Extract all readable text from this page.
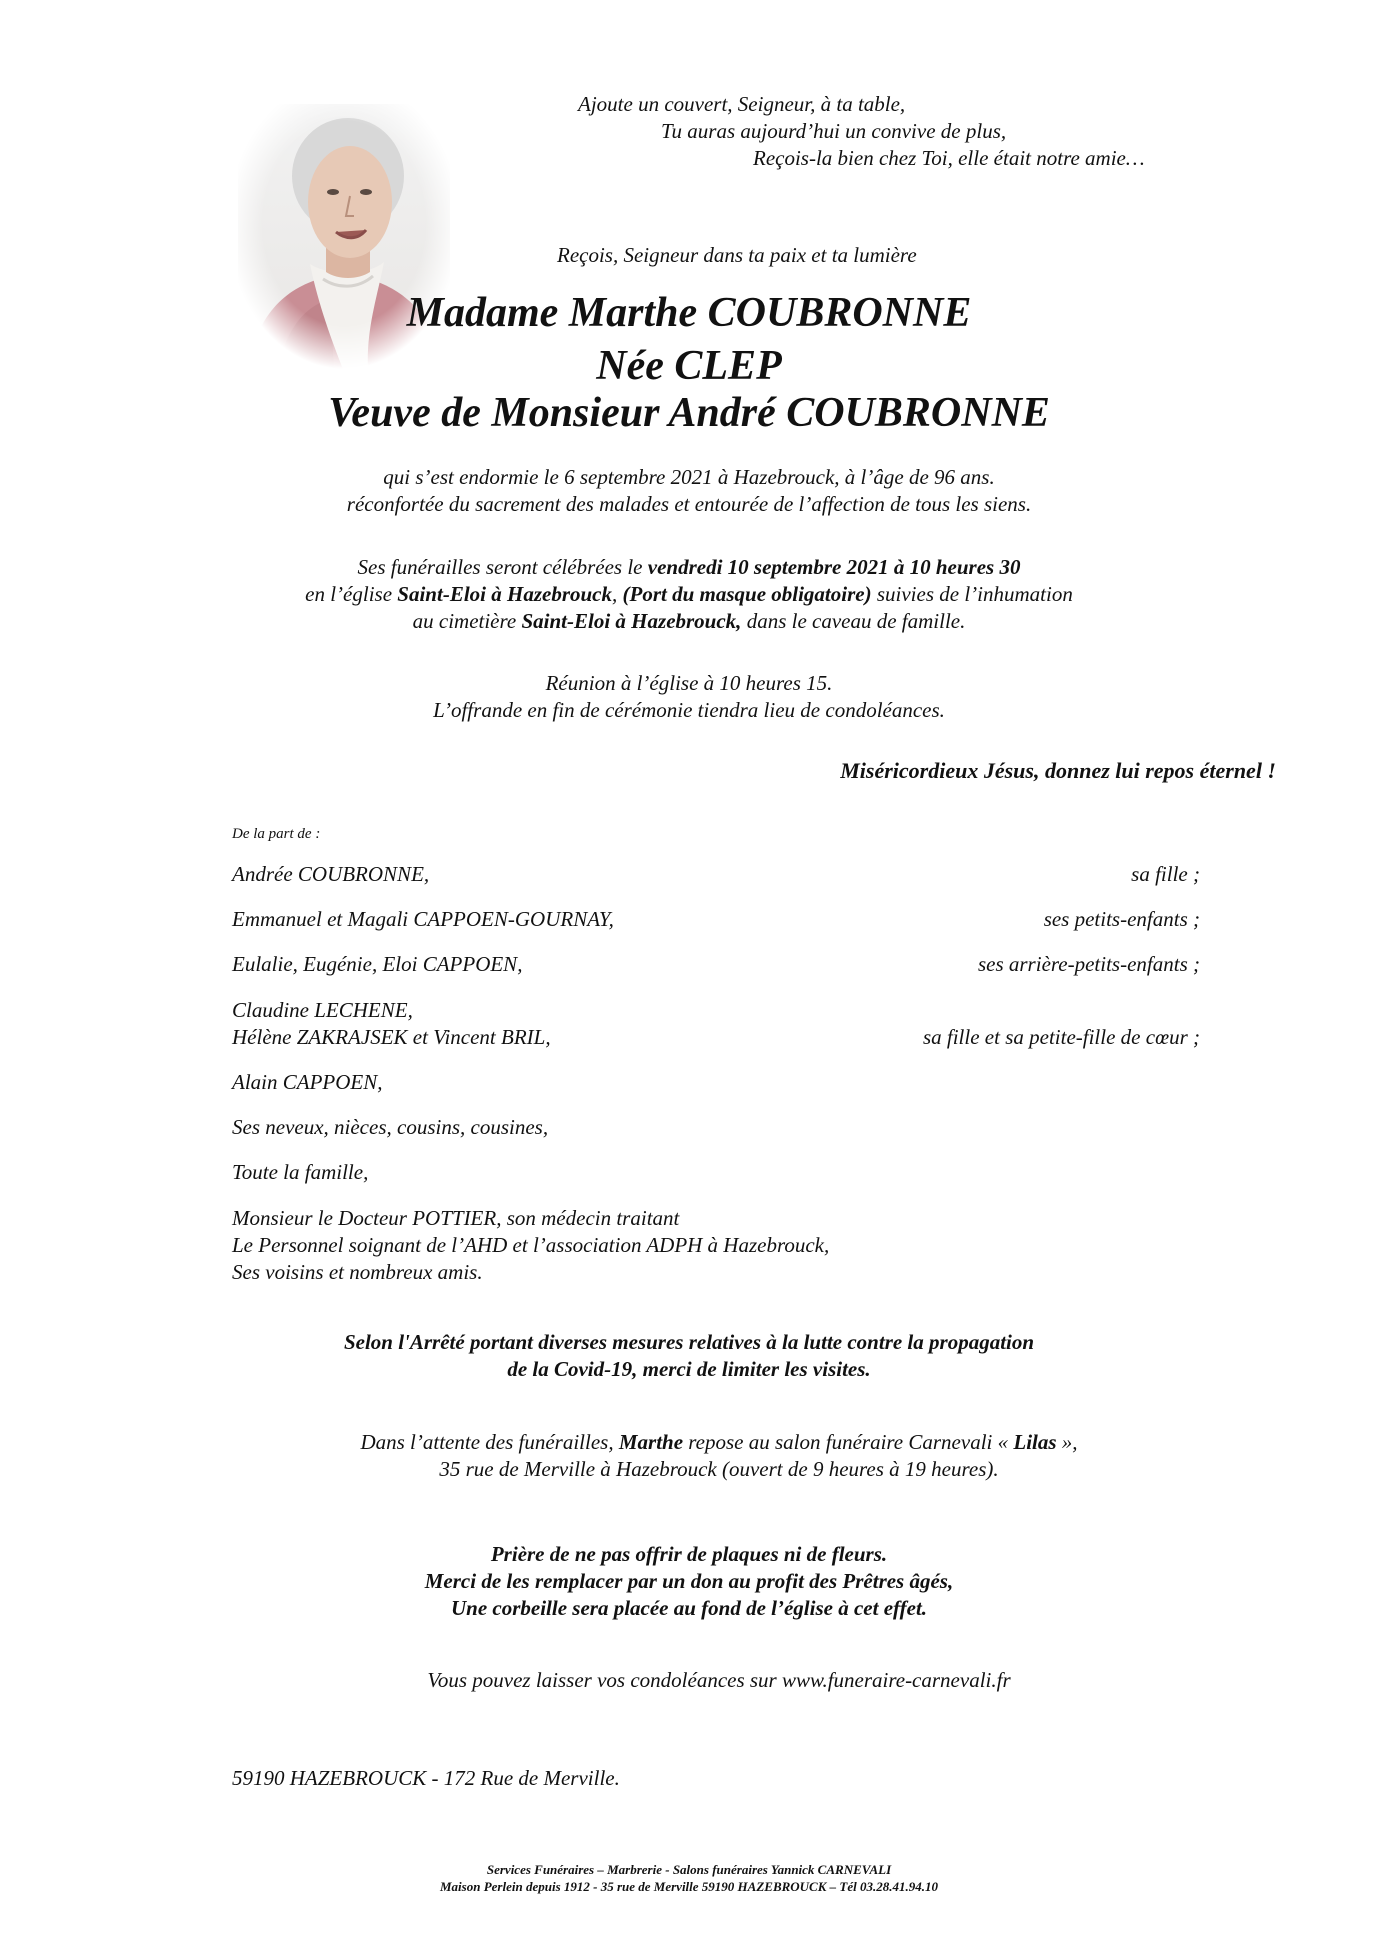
Ajoute un couvert, Seigneur, à ta table,
Tu auras aujourd’hui un convive de plus,
Reçois-la bien chez Toi, elle était notre amie…
Reçois, Seigneur dans ta paix et ta lumière
Madame Marthe COUBRONNE
Née CLEP
Veuve de Monsieur André COUBRONNE
qui s’est endormie le 6 septembre 2021 à Hazebrouck, à l’âge de 96 ans.
réconfortée du sacrement des malades et entourée de l’affection de tous les siens.
Ses funérailles seront célébrées le vendredi 10 septembre 2021 à 10 heures 30
en l’église Saint-Eloi à Hazebrouck, (Port du masque obligatoire) suivies de l’inhumation
au cimetière Saint-Eloi à Hazebrouck, dans le caveau de famille.
Réunion à l’église à 10 heures 15.
L’offrande en fin de cérémonie tiendra lieu de condoléances.
Miséricordieux Jésus, donnez lui repos éternel !
De la part de :
Andrée COUBRONNE,	sa fille ;
Emmanuel et Magali CAPPOEN-GOURNAY,	ses petits-enfants ;
Eulalie, Eugénie, Eloi CAPPOEN,	ses arrière-petits-enfants ;
Claudine LECHENE,
Hélène ZAKRAJSEK et Vincent BRIL,	sa fille et sa petite-fille de cœur ;
Alain CAPPOEN,
Ses neveux, nièces, cousins, cousines,
Toute la famille,
Monsieur le Docteur POTTIER, son médecin traitant
Le Personnel soignant de l’AHD et l’association ADPH à Hazebrouck,
Ses voisins et nombreux amis.
Selon l'Arrêté portant diverses mesures relatives à la lutte contre la propagation
de la Covid-19, merci de limiter les visites.
Dans l’attente des funérailles, Marthe repose au salon funéraire Carnevali « Lilas »,
35 rue de Merville à Hazebrouck (ouvert de 9 heures à 19 heures).
Prière de ne pas offrir de plaques ni de fleurs.
Merci de les remplacer par un don au profit des Prêtres âgés,
Une corbeille sera placée au fond de l’église à cet effet.
Vous pouvez laisser vos condoléances sur www.funeraire-carnevali.fr
59190 HAZEBROUCK - 172 Rue de Merville.
Services Funéraires – Marbrerie - Salons funéraires Yannick CARNEVALI
Maison Perlein depuis 1912 - 35 rue de Merville 59190 HAZEBROUCK – Tél 03.28.41.94.10
